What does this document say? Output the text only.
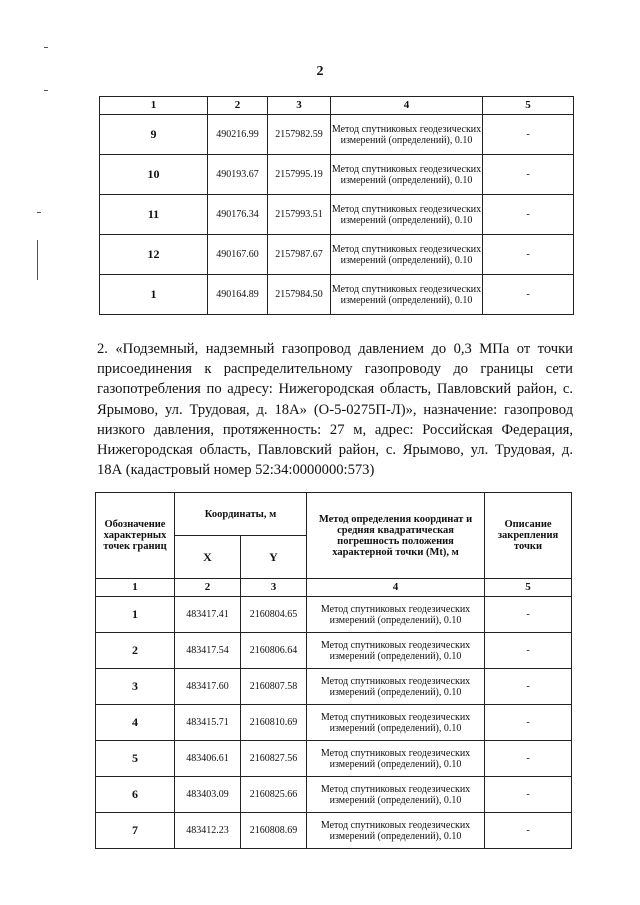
2
1	2	3	4	5
9	490216.99	2157982.59	Метод спутниковых геодезических измерений (определений), 0.10	-
10	490193.67	2157995.19	Метод спутниковых геодезических измерений (определений), 0.10	-
11	490176.34	2157993.51	Метод спутниковых геодезических измерений (определений), 0.10	-
12	490167.60	2157987.67	Метод спутниковых геодезических измерений (определений), 0.10	-
1	490164.89	2157984.50	Метод спутниковых геодезических измерений (определений), 0.10	-
2. «Подземный, надземный газопровод давлением до 0,3 МПа от точки присоединения к распределительному газопроводу до границы сети газопотребления по адресу: Нижегородская область, Павловский район, с. Ярымово, ул. Трудовая, д. 18А» (О-5-0275П-Л)», назначение: газопровод низкого давления, протяженность: 27 м, адрес: Российская Федерация, Нижегородская область, Павловский район, с. Ярымово, ул. Трудовая, д. 18А (кадастровый номер 52:34:0000000:573)
Обозначение характерных точек границ	Координаты, м		Метод определения координат и средняя квадратическая погрешность положения характерной точки (Mt), м	Описание закрепления точки
	X	Y		
1	2	3	4	5
1	483417.41	2160804.65	Метод спутниковых геодезических измерений (определений), 0.10	-
2	483417.54	2160806.64	Метод спутниковых геодезических измерений (определений), 0.10	-
3	483417.60	2160807.58	Метод спутниковых геодезических измерений (определений), 0.10	-
4	483415.71	2160810.69	Метод спутниковых геодезических измерений (определений), 0.10	-
5	483406.61	2160827.56	Метод спутниковых геодезических измерений (определений), 0.10	-
6	483403.09	2160825.66	Метод спутниковых геодезических измерений (определений), 0.10	-
7	483412.23	2160808.69	Метод спутниковых геодезических измерений (определений), 0.10	-
